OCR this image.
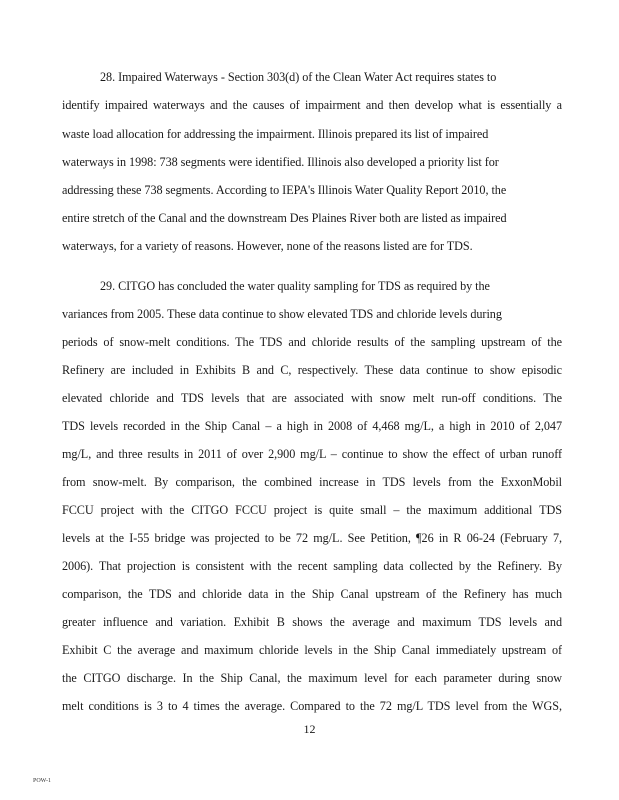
28. Impaired Waterways - Section 303(d) of the Clean Water Act requires states to
identify impaired waterways and the causes of impairment and then develop what is essentially a
waste load allocation for addressing the impairment. Illinois prepared its list of impaired
waterways in 1998: 738 segments were identified. Illinois also developed a priority list for
addressing these 738 segments. According to IEPA's Illinois Water Quality Report 2010, the
entire stretch of the Canal and the downstream Des Plaines River both are listed as impaired
waterways, for a variety of reasons. However, none of the reasons listed are for TDS.
29. CITGO has concluded the water quality sampling for TDS as required by the
variances from 2005. These data continue to show elevated TDS and chloride levels during
periods of snow-melt conditions. The TDS and chloride results of the sampling upstream of the
Refinery are included in Exhibits B and C, respectively. These data continue to show episodic
elevated chloride and TDS levels that are associated with snow melt run-off conditions. The
TDS levels recorded in the Ship Canal – a high in 2008 of 4,468 mg/L, a high in 2010 of 2,047
mg/L, and three results in 2011 of over 2,900 mg/L – continue to show the effect of urban runoff
from snow-melt. By comparison, the combined increase in TDS levels from the ExxonMobil
FCCU project with the CITGO FCCU project is quite small – the maximum additional TDS
levels at the I-55 bridge was projected to be 72 mg/L. See Petition, ¶26 in R 06-24 (February 7,
2006). That projection is consistent with the recent sampling data collected by the Refinery. By
comparison, the TDS and chloride data in the Ship Canal upstream of the Refinery has much
greater influence and variation. Exhibit B shows the average and maximum TDS levels and
Exhibit C the average and maximum chloride levels in the Ship Canal immediately upstream of
the CITGO discharge. In the Ship Canal, the maximum level for each parameter during snow
melt conditions is 3 to 4 times the average. Compared to the 72 mg/L TDS level from the WGS,
12
POW-1
